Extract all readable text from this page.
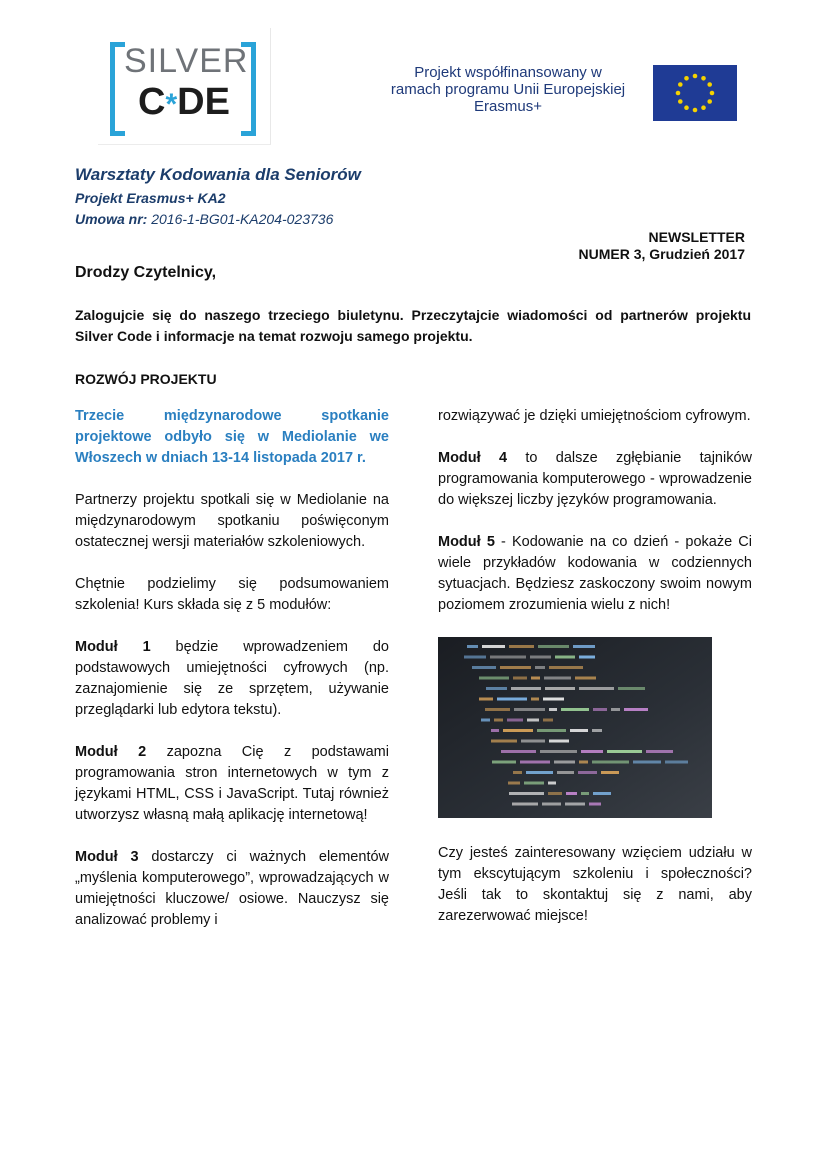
SILVER
C*DE
Projekt współfinansowany w
ramach programu Unii Europejskiej
Erasmus+
Warsztaty Kodowania dla Seniorów
Projekt Erasmus+ KA2
Umowa nr: 2016-1-BG01-KA204-023736
NEWSLETTER
NUMER 3, Grudzień 2017
Drodzy Czytelnicy,
Zalogujcie się do naszego trzeciego biuletynu. Przeczytajcie wiadomości od partnerów projektu Silver Code i informacje na temat rozwoju samego projektu.
ROZWÓJ PROJEKTU

Trzecie międzynarodowe spotkanie projektowe odbyło się w Mediolanie we Włoszech w dniach 13-14 listopada 2017 r.

Partnerzy projektu spotkali się w Mediolanie na międzynarodowym spotkaniu poświęconym ostatecznej wersji materiałów szkoleniowych.

Chętnie podzielimy się podsumowaniem szkolenia! Kurs składa się z 5 modułów:

Moduł 1 będzie wprowadzeniem do podstawowych umiejętności cyfrowych (np. zaznajomienie się ze sprzętem, używanie przeglądarki lub edytora tekstu).

Moduł 2 zapozna Cię z podstawami programowania stron internetowych w tym z językami HTML, CSS i JavaScript. Tutaj również utworzysz własną małą aplikację internetową!

Moduł 3 dostarczy ci ważnych elementów „myślenia komputerowego”, wprowadzających w umiejętności kluczowe/ osiowe. Nauczysz się analizować problemy i

rozwiązywać je dzięki umiejętnościom cyfrowym.

Moduł 4 to dalsze zgłębianie tajników programowania komputerowego - wprowadzenie do większej liczby języków programowania.

Moduł 5 - Kodowanie na co dzień - pokaże Ci wiele przykładów kodowania w codziennych sytuacjach. Będziesz zaskoczony swoim nowym poziomem zrozumienia wielu z nich!

Czy jesteś zainteresowany wzięciem udziału w tym ekscytującym szkoleniu i społeczności? Jeśli tak to skontaktuj się z nami, aby zarezerwować miejsce!
